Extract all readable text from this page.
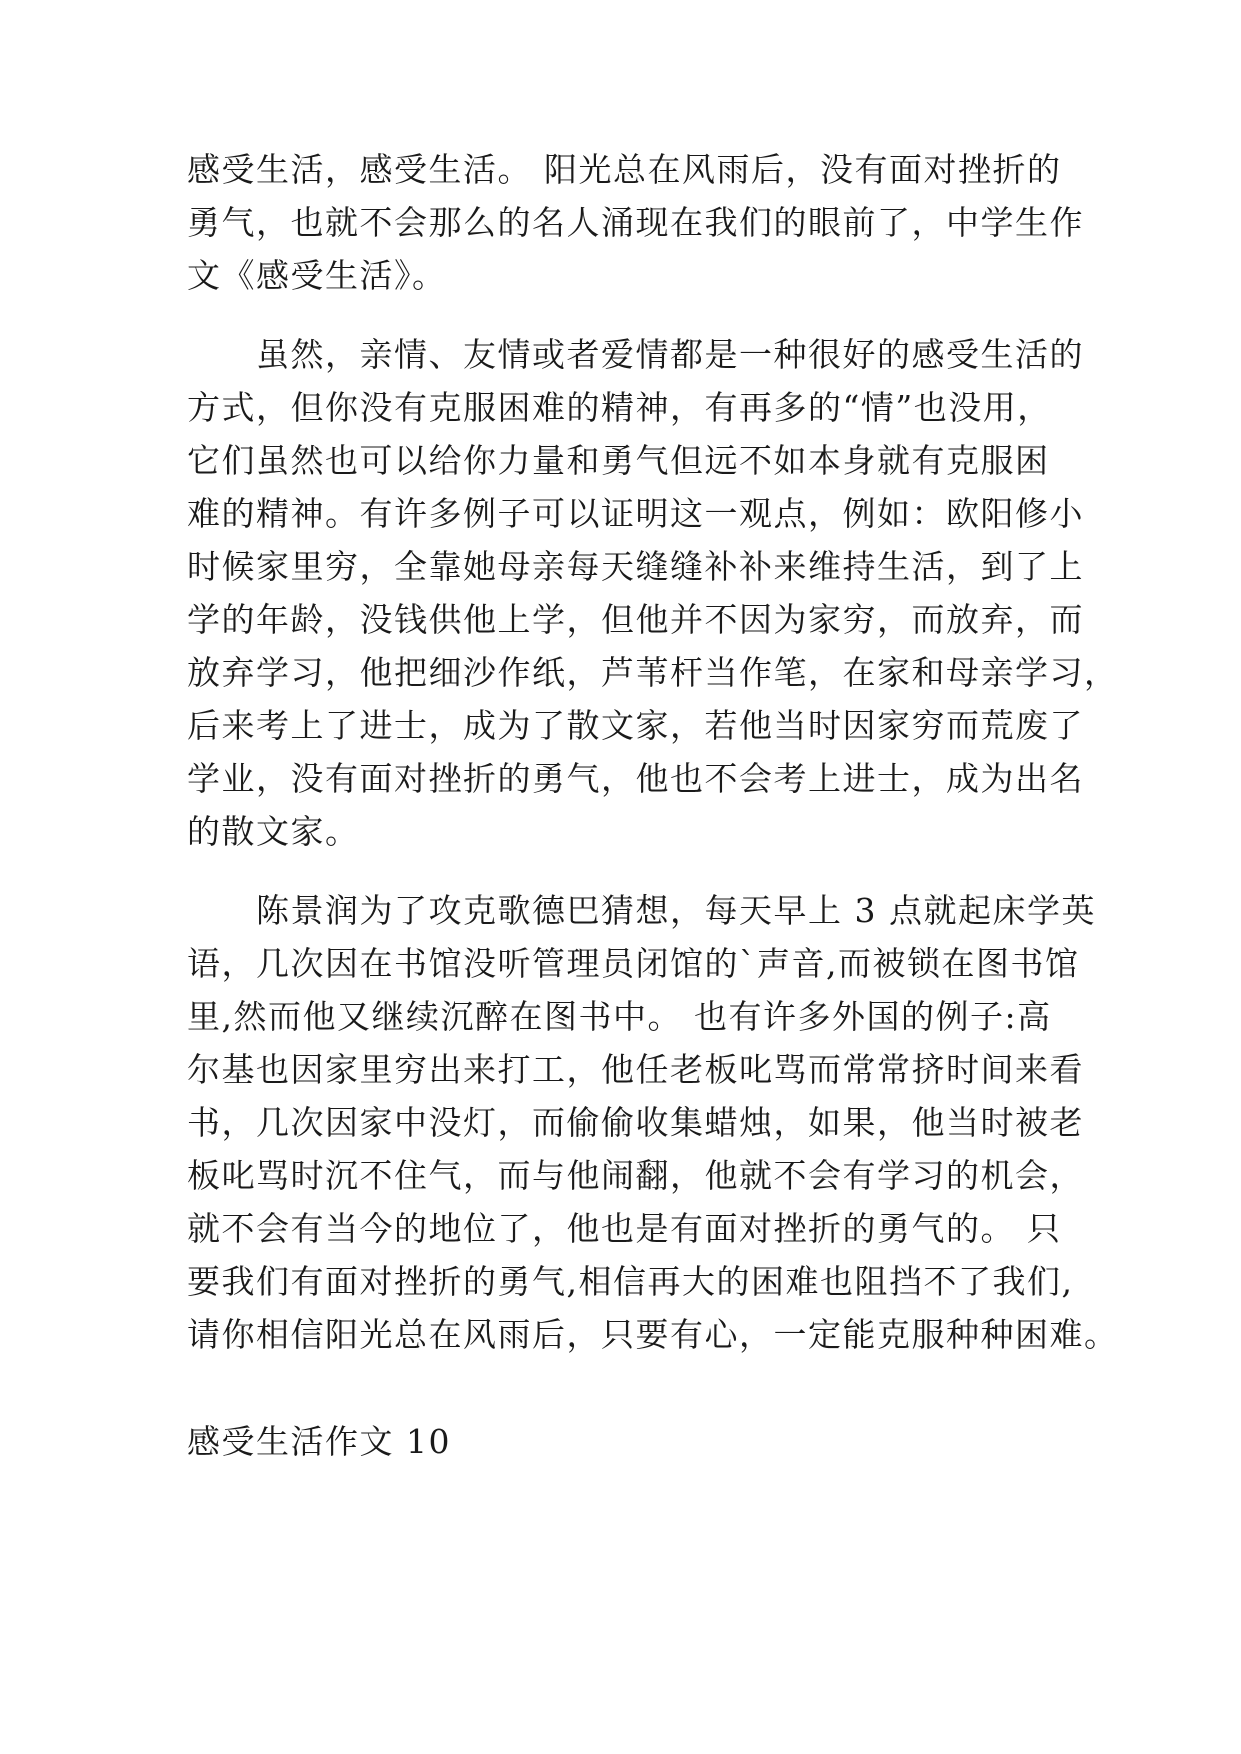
感受生活，感受生活。 阳光总在风雨后，没有面对挫折的
勇气，也就不会那么的名人涌现在我们的眼前了，中学生作
文《感受生活》。
虽然，亲情、友情或者爱情都是一种很好的感受生活的
方式，但你没有克服困难的精神，有再多的“情”也没用，
它们虽然也可以给你力量和勇气但远不如本身就有克服困
难的精神。有许多例子可以证明这一观点，例如：欧阳修小
时候家里穷，全靠她母亲每天缝缝补补来维持生活，到了上
学的年龄，没钱供他上学，但他并不因为家穷，而放弃，而
放弃学习，他把细沙作纸，芦苇杆当作笔，在家和母亲学习，
后来考上了进士，成为了散文家，若他当时因家穷而荒废了
学业，没有面对挫折的勇气，他也不会考上进士，成为出名
的散文家。
陈景润为了攻克歌德巴猜想，每天早上 3 点就起床学英
语，几次因在书馆没听管理员闭馆的`声音,而被锁在图书馆
里,然而他又继续沉醉在图书中。 也有许多外国的例子:高
尔基也因家里穷出来打工，他任老板叱骂而常常挤时间来看
书，几次因家中没灯，而偷偷收集蜡烛，如果，他当时被老
板叱骂时沉不住气，而与他闹翻，他就不会有学习的机会，
就不会有当今的地位了，他也是有面对挫折的勇气的。 只
要我们有面对挫折的勇气,相信再大的困难也阻挡不了我们,
请你相信阳光总在风雨后，只要有心，一定能克服种种困难。
感受生活作文 10
